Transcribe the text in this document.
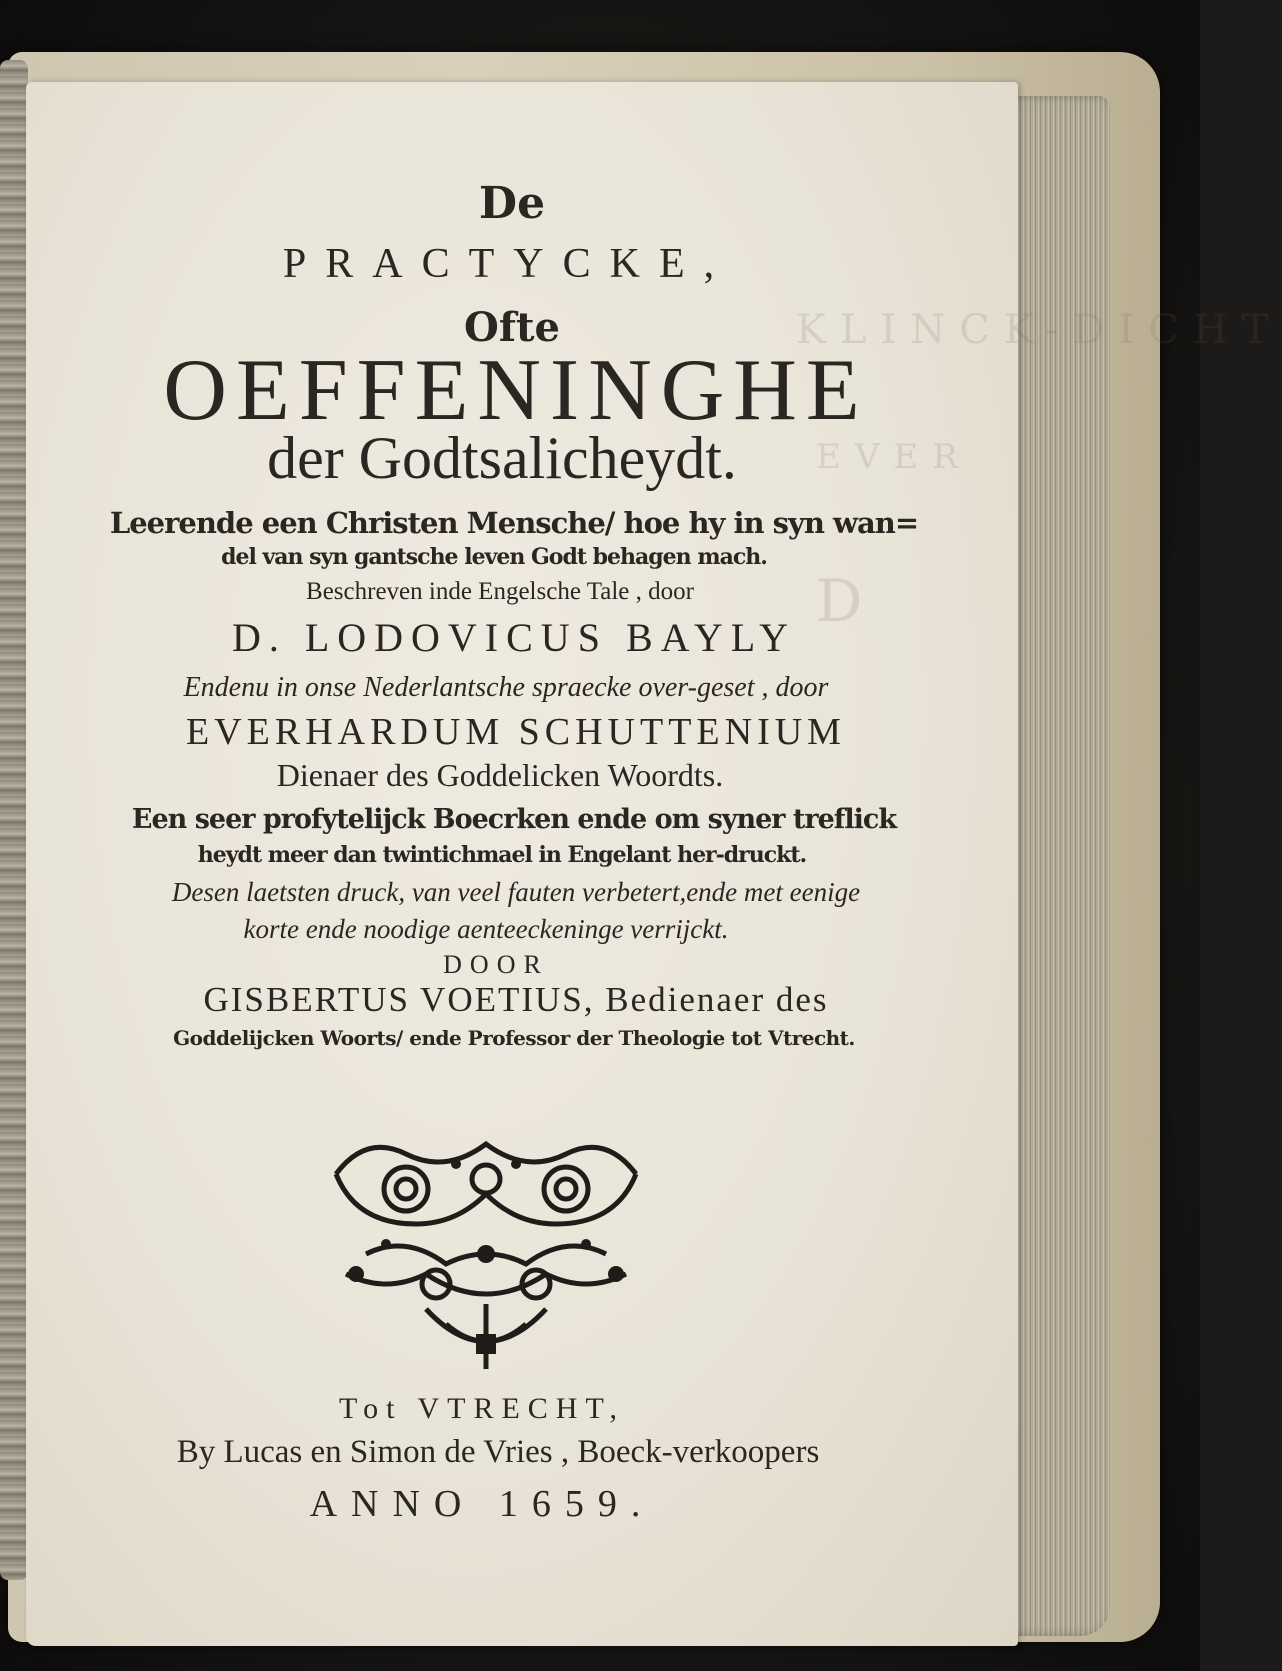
KLINCK-DICHT
EVER
D
De
PRACTYCKE,
Ofte
OEFFENINGHE
der Godtsalicheydt.
Leerende een Christen Mensche/ hoe hy in syn wan=
del van syn gantsche leven Godt behagen mach.
Beschreven inde Engelsche Tale , door
D. LODOVICUS BAYLY
Endenu in onse Nederlantsche spraecke over-geset , door
EVERHARDUM SCHUTTENIUM
Dienaer des Goddelicken Woordts.
Een seer profytelijck Boecrken ende om syner treflick
heydt meer dan twintichmael in Engelant her-druckt.
Desen laetsten druck, van veel fauten verbetert,ende met eenige
korte ende noodige aenteeckeninge verrijckt.
DOOR
GISBERTUS VOETIUS, Bedienaer des
Goddelijcken Woorts/ ende Professor der Theologie tot Vtrecht.
Tot VTRECHT,
By Lucas en Simon de Vries , Boeck-verkoopers
ANNO 1659.
